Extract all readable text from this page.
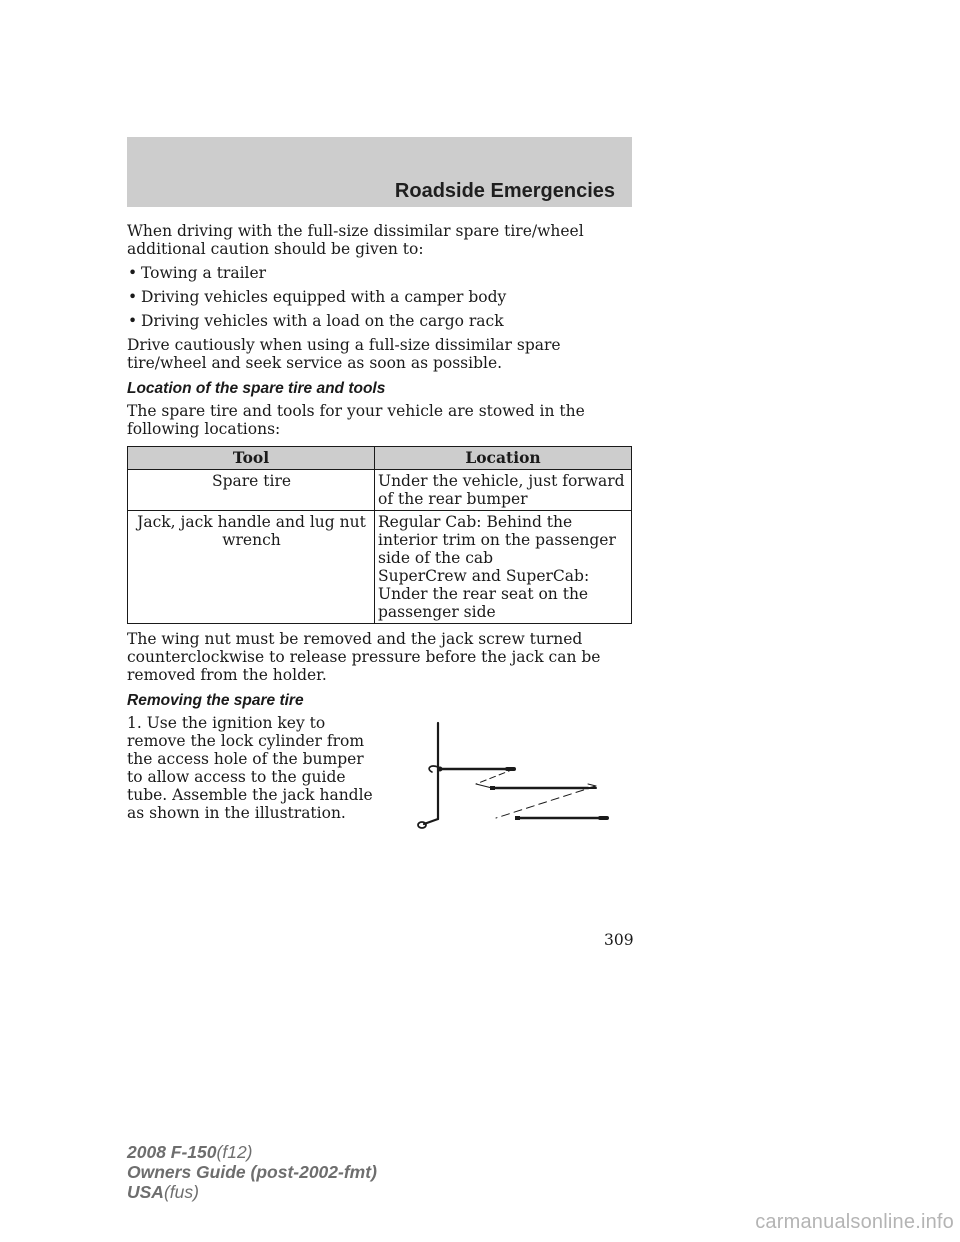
Roadside Emergencies

When driving with the full-size dissimilar spare tire/wheel additional caution should be given to:

• Towing a trailer
• Driving vehicles equipped with a camper body
• Driving vehicles with a load on the cargo rack

Drive cautiously when using a full-size dissimilar spare tire/wheel and seek service as soon as possible.

Location of the spare tire and tools

The spare tire and tools for your vehicle are stowed in the following locations:

Tool	Location
Spare tire	Under the vehicle, just forward of the rear bumper

Jack, jack handle and lug nut wrench	Regular Cab: Behind the interior trim on the passenger side of the cab
SuperCrew and SuperCab: Under the rear seat on the passenger side

The wing nut must be removed and the jack screw turned counterclockwise to release pressure before the jack can be removed from the holder.

Removing the spare tire

1. Use the ignition key to remove the lock cylinder from the access hole of the bumper to allow access to the guide tube. Assemble the jack handle as shown in the illustration.

309
2008 F-150(f12)
Owners Guide (post-2002-fmt)
USA(fus)
carmanualsonline.info
